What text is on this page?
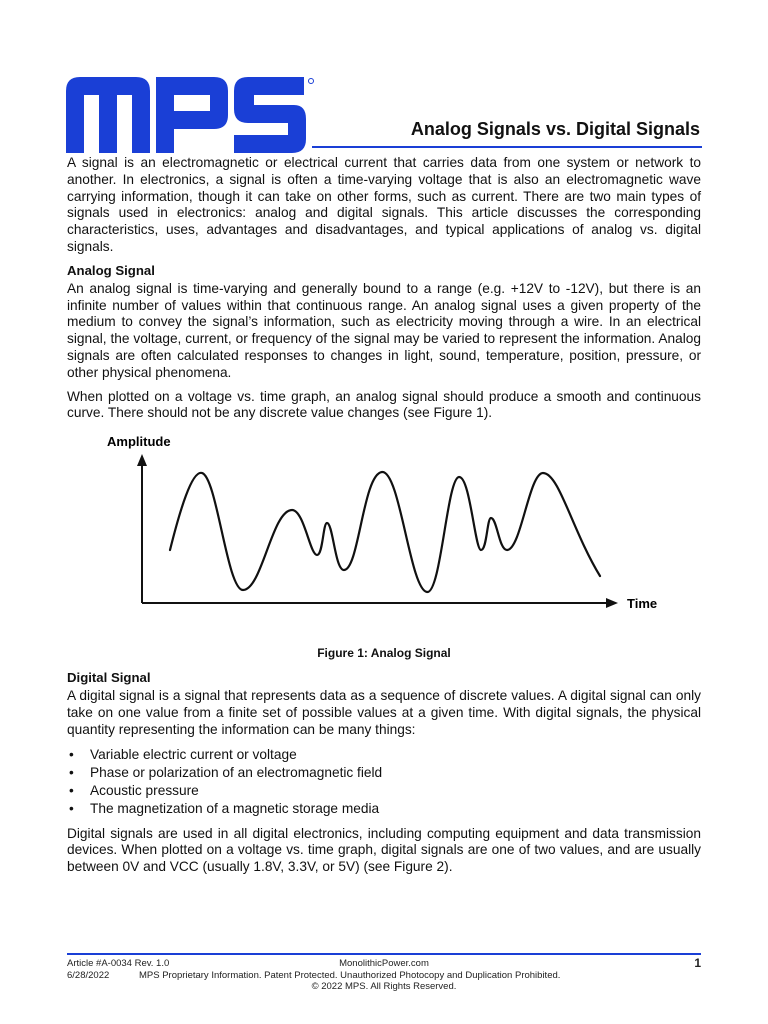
Analog Signals vs. Digital Signals

A signal is an electromagnetic or electrical current that carries data from one system or network to another. In electronics, a signal is often a time-varying voltage that is also an electromagnetic wave carrying information, though it can take on other forms, such as current. There are two main types of signals used in electronics: analog and digital signals. This article discusses the corresponding characteristics, uses, advantages and disadvantages, and typical applications of analog vs. digital signals.

Analog Signal

An analog signal is time-varying and generally bound to a range (e.g. +12V to -12V), but there is an infinite number of values within that continuous range. An analog signal uses a given property of the medium to convey the signal’s information, such as electricity moving through a wire. In an electrical signal, the voltage, current, or frequency of the signal may be varied to represent the information. Analog signals are often calculated responses to changes in light, sound, temperature, position, pressure, or other physical phenomena.

When plotted on a voltage vs. time graph, an analog signal should produce a smooth and continuous curve. There should not be any discrete value changes (see Figure 1).

Amplitude
Time
Figure 1: Analog Signal
Digital Signal

A digital signal is a signal that represents data as a sequence of discrete values. A digital signal can only take on one value from a finite set of possible values at a given time. With digital signals, the physical quantity representing the information can be many things:

• Variable electric current or voltage
• Phase or polarization of an electromagnetic field
• Acoustic pressure
• The magnetization of a magnetic storage media

Digital signals are used in all digital electronics, including computing equipment and data transmission devices. When plotted on a voltage vs. time graph, digital signals are one of two values, and are usually between 0V and VCC (usually 1.8V, 3.3V, or 5V) (see Figure 2).

Article #A-0034 Rev. 1.0	MonolithicPower.com	1
6/28/2022	MPS Proprietary Information. Patent Protected. Unauthorized Photocopy and Duplication Prohibited.
© 2022 MPS. All Rights Reserved.
